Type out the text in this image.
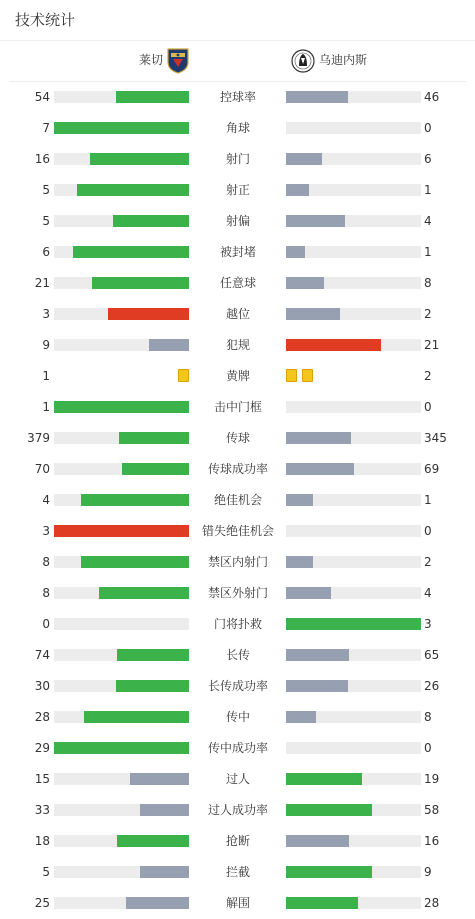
技术统计
莱切	乌迪内斯
54	控球率	46
7	角球	0
16	射门	6
5	射正	1
5	射偏	4
6	被封堵	1
21	任意球	8
3	越位	2
9	犯规	21
1	黄牌	2
1	击中门框	0
379	传球	345
70	传球成功率	69
4	绝佳机会	1
3	错失绝佳机会	0
8	禁区内射门	2
8	禁区外射门	4
0	门将扑救	3
74	长传	65
30	长传成功率	26
28	传中	8
29	传中成功率	0
15	过人	19
33	过人成功率	58
18	抢断	16
5	拦截	9
25	解围	28
